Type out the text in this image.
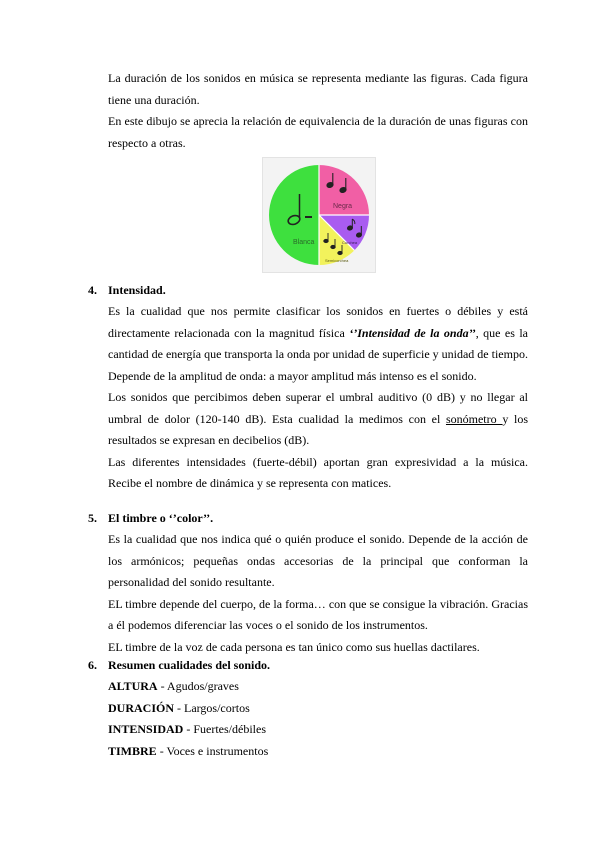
La duración de los sonidos en música se representa mediante las figuras. Cada figura tiene una duración.

En este dibujo se aprecia la relación de equivalencia de la duración de unas figuras con respecto a otras.

Blanca
Negra
Corchea
Semicorchea
4. Intensidad.

Es la cualidad que nos permite clasificar los sonidos en fuertes o débiles y está directamente relacionada con la magnitud física ‘’Intensidad de la onda’’, que es la cantidad de energía que transporta la onda por unidad de superficie y unidad de tiempo.

Depende de la amplitud de onda: a mayor amplitud más intenso es el sonido.

Los sonidos que percibimos deben superar el umbral auditivo (0 dB) y no llegar al umbral de dolor (120-140 dB). Esta cualidad la medimos con el sonómetro y los resultados se expresan en decibelios (dB).

Las diferentes intensidades (fuerte-débil) aportan gran expresividad a la música. Recibe el nombre de dinámica y se representa con matices.

5. El timbre o ‘’color’’.

Es la cualidad que nos indica qué o quién produce el sonido. Depende de la acción de los armónicos; pequeñas ondas accesorias de la principal que conforman la personalidad del sonido resultante.

EL timbre depende del cuerpo, de la forma… con que se consigue la vibración. Gracias a él podemos diferenciar las voces o el sonido de los instrumentos.

EL timbre de la voz de cada persona es tan único como sus huellas dactilares.

6. Resumen cualidades del sonido.

ALTURA - Agudos/graves

DURACIÓN - Largos/cortos

INTENSIDAD - Fuertes/débiles

TIMBRE - Voces e instrumentos
